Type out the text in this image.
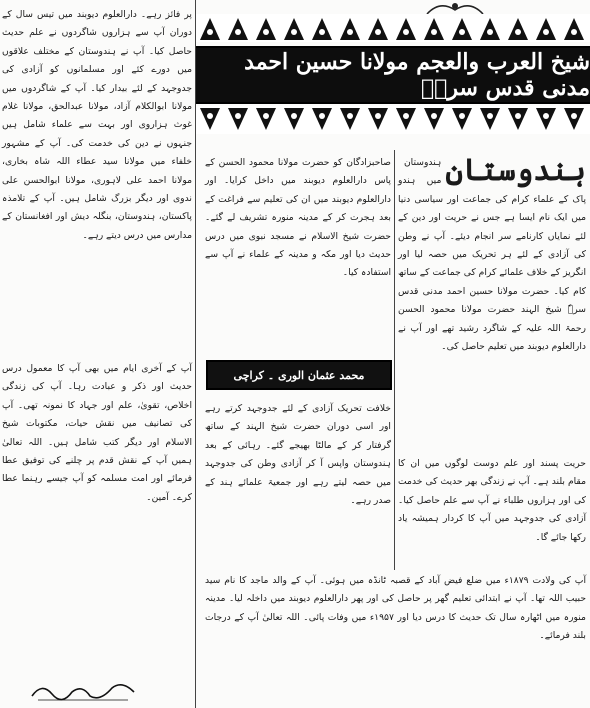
شیخ العرب والعجم مولانا حسین احمد مدنی قدس سرہٗ
ہندوستان

ہندوستان میں ہندو پاک کے علماء کرام کی جماعت اور سیاسی دنیا میں ایک نام ایسا ہے جس نے حریت اور دین کے لئے نمایاں کارنامے سر انجام دیئے۔ آپ نے وطن کی آزادی کے لئے ہر تحریک میں حصہ لیا اور انگریز کے خلاف علمائے کرام کی جماعت کے ساتھ کام کیا۔ حضرت مولانا حسین احمد مدنی قدس سرہٗ شیخ الہند حضرت مولانا محمود الحسن رحمۃ اللہ علیہ کے شاگرد رشید تھے اور آپ نے دارالعلوم دیوبند میں تعلیم حاصل کی۔

صاحبزادگان کو حضرت مولانا محمود الحسن کے پاس دارالعلوم دیوبند میں داخل کرایا۔ اور دارالعلوم دیوبند میں ان کی تعلیم سے فراغت کے بعد ہجرت کر کے مدینہ منورہ تشریف لے گئے۔ حضرت شیخ الاسلام نے مسجد نبوی میں درس حدیث دیا اور مکہ و مدینہ کے علماء نے آپ سے استفادہ کیا۔

محمد عثمان الوری ۔ کراچی

خلافت تحریک آزادی کے لئے جدوجہد کرتے رہے اور اسی دوران حضرت شیخ الہند کے ساتھ گرفتار کر کے مالٹا بھیجے گئے۔ رہائی کے بعد ہندوستان واپس آ کر آزادی وطن کی جدوجہد میں حصہ لیتے رہے اور جمعیۃ علمائے ہند کے صدر رہے۔

حریت پسند اور علم دوست لوگوں میں ان کا مقام بلند ہے۔ آپ نے زندگی بھر حدیث کی خدمت کی اور ہزاروں طلباء نے آپ سے علم حاصل کیا۔ آزادی کی جدوجہد میں آپ کا کردار ہمیشہ یاد رکھا جائے گا۔

آپ کی ولادت ۱۸۷۹ء میں ضلع فیض آباد کے قصبہ ٹانڈہ میں ہوئی۔ آپ کے والد ماجد کا نام سید حبیب اللہ تھا۔ آپ نے ابتدائی تعلیم گھر پر حاصل کی اور پھر دارالعلوم دیوبند میں داخلہ لیا۔ مدینہ منورہ میں اٹھارہ سال تک حدیث کا درس دیا اور ۱۹۵۷ء میں وفات پائی۔ اللہ تعالیٰ آپ کے درجات بلند فرمائے۔

پر فائز رہے۔ دارالعلوم دیوبند میں تیس سال کے دوران آپ سے ہزاروں شاگردوں نے علم حدیث حاصل کیا۔ آپ نے ہندوستان کے مختلف علاقوں میں دورے کئے اور مسلمانوں کو آزادی کی جدوجہد کے لئے بیدار کیا۔ آپ کے شاگردوں میں مولانا ابوالکلام آزاد، مولانا عبدالحق، مولانا غلام غوث ہزاروی اور بہت سے علماء شامل ہیں جنہوں نے دین کی خدمت کی۔ آپ کے مشہور خلفاء میں مولانا سید عطاء اللہ شاہ بخاری، مولانا احمد علی لاہوری، مولانا ابوالحسن علی ندوی اور دیگر بزرگ شامل ہیں۔ آپ کے تلامذہ پاکستان، ہندوستان، بنگلہ دیش اور افغانستان کے مدارس میں درس دیتے رہے۔

آپ کے آخری ایام میں بھی آپ کا معمول درس حدیث اور ذکر و عبادت رہا۔ آپ کی زندگی اخلاص، تقویٰ، علم اور جہاد کا نمونہ تھی۔ آپ کی تصانیف میں نقش حیات، مکتوبات شیخ الاسلام اور دیگر کتب شامل ہیں۔ اللہ تعالیٰ ہمیں آپ کے نقش قدم پر چلنے کی توفیق عطا فرمائے اور امت مسلمہ کو آپ جیسے رہنما عطا کرے۔ آمین۔
